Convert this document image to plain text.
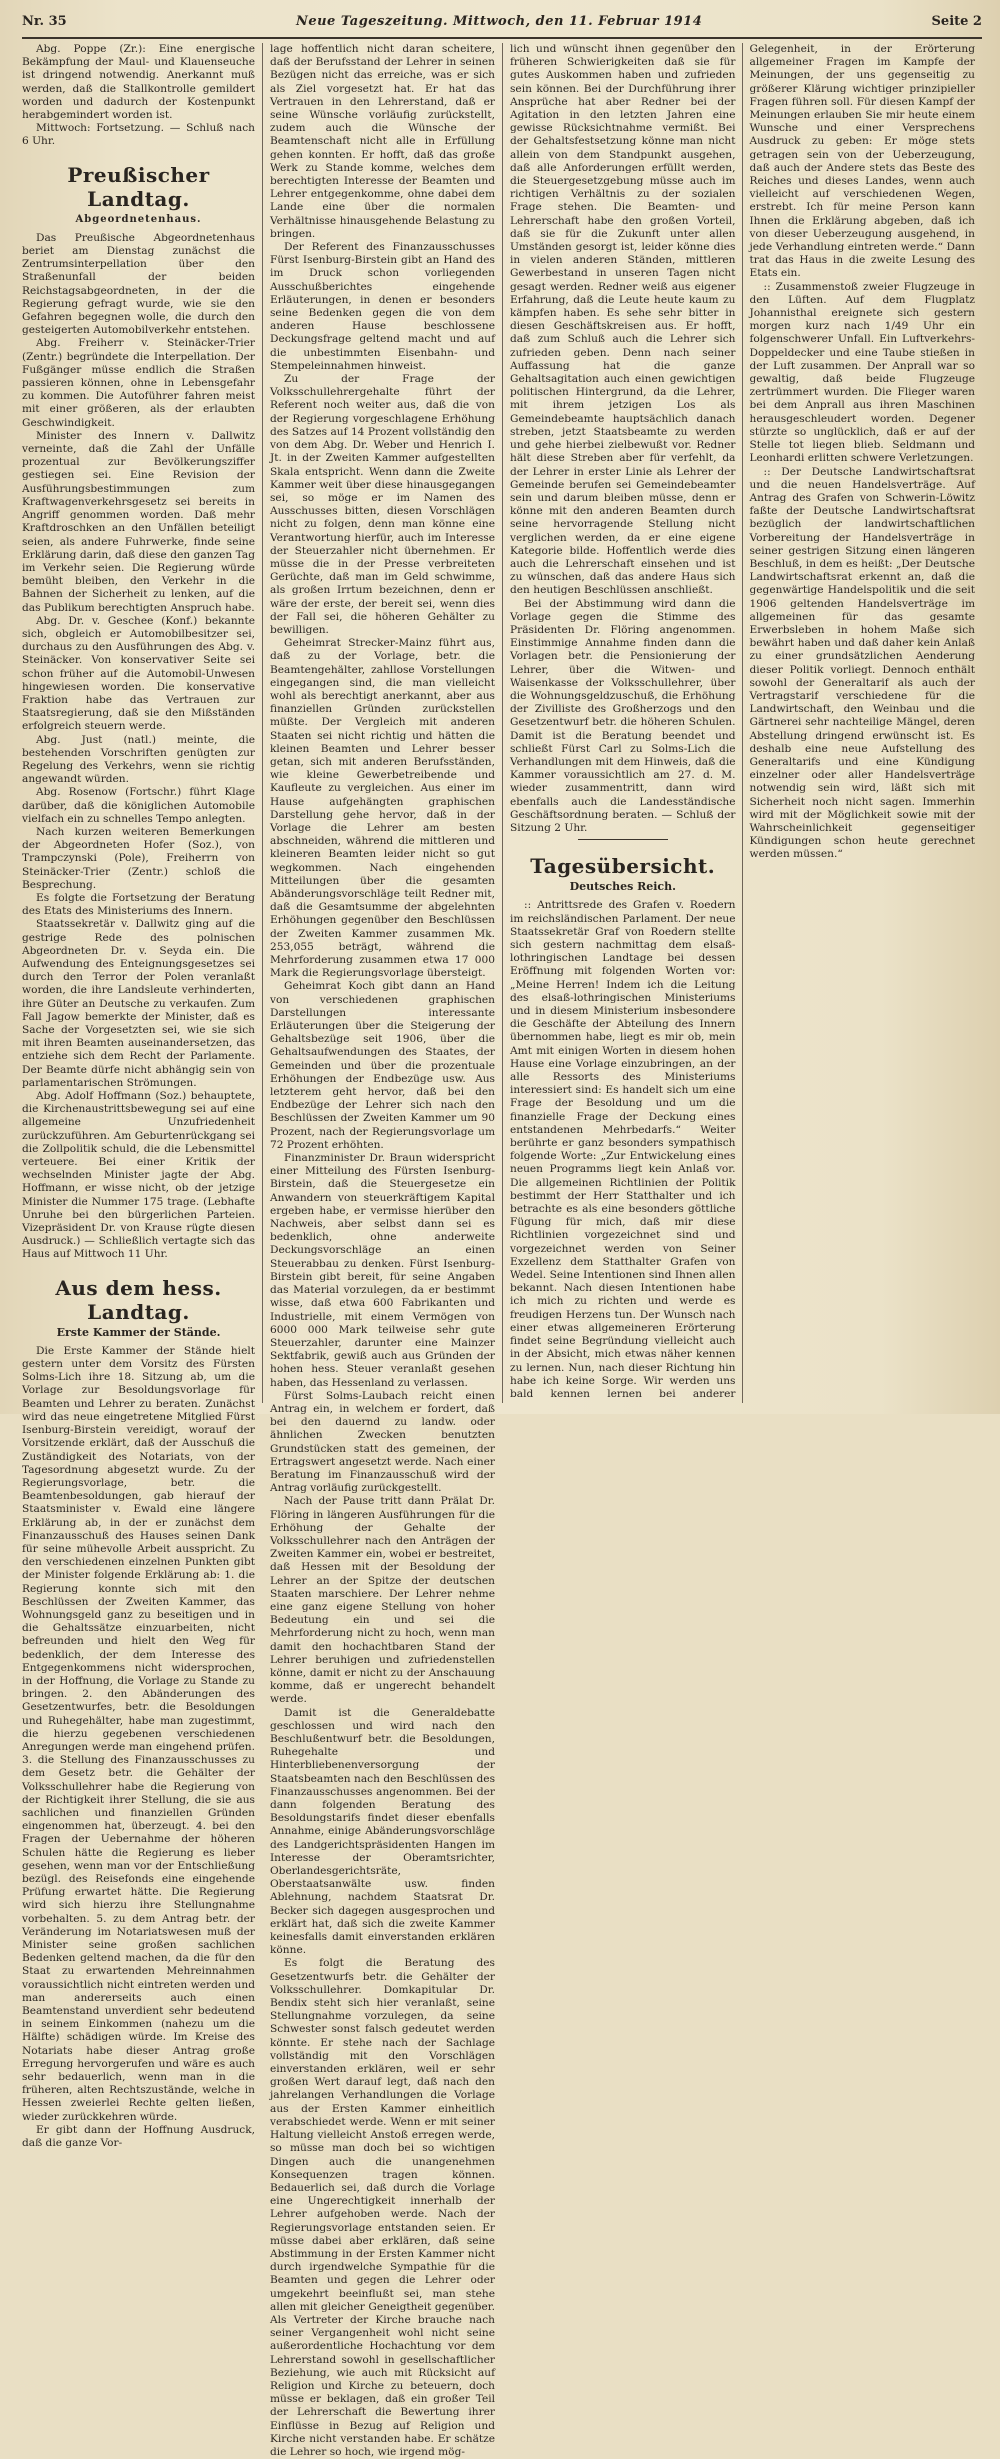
Nr. 35	Neue Tageszeitung. Mittwoch, den 11. Februar 1914	Seite 2

Abg. Poppe (Zr.): Eine energische Bekämpfung der Maul- und Klauenseuche ist dringend notwendig. Anerkannt muß werden, daß die Stallkontrolle gemildert worden und dadurch der Kostenpunkt herabgemindert worden ist.

Mittwoch: Fortsetzung. — Schluß nach 6 Uhr.

Preußischer Landtag.
Abgeordnetenhaus.

Das Preußische Abgeordnetenhaus beriet am Dienstag zunächst die Zentrumsinterpellation über den Straßenunfall der beiden Reichstagsabgeordneten, in der die Regierung gefragt wurde, wie sie den Gefahren begegnen wolle, die durch den gesteigerten Automobilverkehr entstehen.

Abg. Freiherr v. Steinäcker-Trier (Zentr.) begründete die Interpellation. Der Fußgänger müsse endlich die Straßen passieren können, ohne in Lebensgefahr zu kommen. Die Autoführer fahren meist mit einer größeren, als der erlaubten Geschwindigkeit.

Minister des Innern v. Dallwitz verneinte, daß die Zahl der Unfälle prozentual zur Bevölkerungsziffer gestiegen sei. Eine Revision der Ausführungsbestimmungen zum Kraftwagenverkehrsgesetz sei bereits in Angriff genommen worden. Daß mehr Kraftdroschken an den Unfällen beteiligt seien, als andere Fuhrwerke, finde seine Erklärung darin, daß diese den ganzen Tag im Verkehr seien. Die Regierung würde bemüht bleiben, den Verkehr in die Bahnen der Sicherheit zu lenken, auf die das Publikum berechtigten Anspruch habe.

Abg. Dr. v. Geschee (Konf.) bekannte sich, obgleich er Automobilbesitzer sei, durchaus zu den Ausführungen des Abg. v. Steinäcker. Von konservativer Seite sei schon früher auf die Automobil-Unwesen hingewiesen worden. Die konservative Fraktion habe das Vertrauen zur Staatsregierung, daß sie den Mißständen erfolgreich steuern werde.

Abg. Just (natl.) meinte, die bestehenden Vorschriften genügten zur Regelung des Verkehrs, wenn sie richtig angewandt würden.

Abg. Rosenow (Fortschr.) führt Klage darüber, daß die königlichen Automobile vielfach ein zu schnelles Tempo anlegten.

Nach kurzen weiteren Bemerkungen der Abgeordneten Hofer (Soz.), von Trampczynski (Pole), Freiherrn von Steinäcker-Trier (Zentr.) schloß die Besprechung.

Es folgte die Fortsetzung der Beratung des Etats des Ministeriums des Innern.

Staatssekretär v. Dallwitz ging auf die gestrige Rede des polnischen Abgeordneten Dr. v. Seyda ein. Die Aufwendung des Enteignungsgesetzes sei durch den Terror der Polen veranlaßt worden, die ihre Landsleute verhinderten, ihre Güter an Deutsche zu verkaufen. Zum Fall Jagow bemerkte der Minister, daß es Sache der Vorgesetzten sei, wie sie sich mit ihren Beamten auseinandersetzen, das entziehe sich dem Recht der Parlamente. Der Beamte dürfe nicht abhängig sein von parlamentarischen Strömungen.

Abg. Adolf Hoffmann (Soz.) behauptete, die Kirchenaustrittsbewegung sei auf eine allgemeine Unzufriedenheit zurückzuführen. Am Geburtenrückgang sei die Zollpolitik schuld, die die Lebensmittel verteuere. Bei einer Kritik der wechselnden Minister jagte der Abg. Hoffmann, er wisse nicht, ob der jetzige Minister die Nummer 175 trage. (Lebhafte Unruhe bei den bürgerlichen Parteien. Vizepräsident Dr. von Krause rügte diesen Ausdruck.) — Schließlich vertagte sich das Haus auf Mittwoch 11 Uhr.

Aus dem hess. Landtag.
Erste Kammer der Stände.

Die Erste Kammer der Stände hielt gestern unter dem Vorsitz des Fürsten Solms-Lich ihre 18. Sitzung ab, um die Vorlage zur Besoldungsvorlage für Beamten und Lehrer zu beraten. Zunächst wird das neue eingetretene Mitglied Fürst Isenburg-Birstein vereidigt, worauf der Vorsitzende erklärt, daß der Ausschuß die Zuständigkeit des Notariats, von der Tagesordnung abgesetzt wurde. Zu der Regierungsvorlage, betr. die Beamtenbesoldungen, gab hierauf der Staatsminister v. Ewald eine längere Erklärung ab, in der er zunächst dem Finanzausschuß des Hauses seinen Dank für seine mühevolle Arbeit ausspricht. Zu den verschiedenen einzelnen Punkten gibt der Minister folgende Erklärung ab: 1. die Regierung konnte sich mit den Beschlüssen der Zweiten Kammer, das Wohnungsgeld ganz zu beseitigen und in die Gehaltssätze einzuarbeiten, nicht befreunden und hielt den Weg für bedenklich, der dem Interesse des Entgegenkommens nicht widersprochen, in der Hoffnung, die Vorlage zu Stande zu bringen. 2. den Abänderungen des Gesetzentwurfes, betr. die Besoldungen und Ruhegehälter, habe man zugestimmt, die hierzu gegebenen verschiedenen Anregungen werde man eingehend prüfen. 3. die Stellung des Finanzausschusses zu dem Gesetz betr. die Gehälter der Volksschullehrer habe die Regierung von der Richtigkeit ihrer Stellung, die sie aus sachlichen und finanziellen Gründen eingenommen hat, überzeugt. 4. bei den Fragen der Uebernahme der höheren Schulen hätte die Regierung es lieber gesehen, wenn man vor der Entschließung bezügl. des Reisefonds eine eingehende Prüfung erwartet hätte. Die Regierung wird sich hierzu ihre Stellungnahme vorbehalten. 5. zu dem Antrag betr. der Veränderung im Notariatswesen muß der Minister seine großen sachlichen Bedenken geltend machen, da die für den Staat zu erwartenden Mehreinnahmen voraussichtlich nicht eintreten werden und man andererseits auch einen Beamtenstand unverdient sehr bedeutend in seinem Einkommen (nahezu um die Hälfte) schädigen würde. Im Kreise des Notariats habe dieser Antrag große Erregung hervorgerufen und wäre es auch sehr bedauerlich, wenn man in die früheren, alten Rechtszustände, welche in Hessen zweierlei Rechte gelten ließen, wieder zurückkehren würde.

Er gibt dann der Hoffnung Ausdruck, daß die ganze Vor-

lage hoffentlich nicht daran scheitere, daß der Berufsstand der Lehrer in seinen Bezügen nicht das erreiche, was er sich als Ziel vorgesetzt hat. Er hat das Vertrauen in den Lehrerstand, daß er seine Wünsche vorläufig zurückstellt, zudem auch die Wünsche der Beamtenschaft nicht alle in Erfüllung gehen konnten. Er hofft, daß das große Werk zu Stande komme, welches dem berechtigten Interesse der Beamten und Lehrer entgegenkomme, ohne dabei dem Lande eine über die normalen Verhältnisse hinausgehende Belastung zu bringen.

Der Referent des Finanzausschusses Fürst Isenburg-Birstein gibt an Hand des im Druck schon vorliegenden Ausschußberichtes eingehende Erläuterungen, in denen er besonders seine Bedenken gegen die von dem anderen Hause beschlossene Deckungsfrage geltend macht und auf die unbestimmten Eisenbahn- und Stempeleinnahmen hinweist.

Zu der Frage der Volksschullehrergehalte führt der Referent noch weiter aus, daß die von der Regierung vorgeschlagene Erhöhung des Satzes auf 14 Prozent vollständig den von dem Abg. Dr. Weber und Henrich I. Jt. in der Zweiten Kammer aufgestellten Skala entspricht. Wenn dann die Zweite Kammer weit über diese hinausgegangen sei, so möge er im Namen des Ausschusses bitten, diesen Vorschlägen nicht zu folgen, denn man könne eine Verantwortung hierfür, auch im Interesse der Steuerzahler nicht übernehmen. Er müsse die in der Presse verbreiteten Gerüchte, daß man im Geld schwimme, als großen Irrtum bezeichnen, denn er wäre der erste, der bereit sei, wenn dies der Fall sei, die höheren Gehälter zu bewilligen.

Geheimrat Strecker-Mainz führt aus, daß zu der Vorlage, betr. die Beamtengehälter, zahllose Vorstellungen eingegangen sind, die man vielleicht wohl als berechtigt anerkannt, aber aus finanziellen Gründen zurückstellen müßte. Der Vergleich mit anderen Staaten sei nicht richtig und hätten die kleinen Beamten und Lehrer besser getan, sich mit anderen Berufsständen, wie kleine Gewerbetreibende und Kaufleute zu vergleichen. Aus einer im Hause aufgehängten graphischen Darstellung gehe hervor, daß in der Vorlage die Lehrer am besten abschneiden, während die mittleren und kleineren Beamten leider nicht so gut wegkommen. Nach eingehenden Mitteilungen über die gesamten Abänderungsvorschläge teilt Redner mit, daß die Gesamtsumme der abgelehnten Erhöhungen gegenüber den Beschlüssen der Zweiten Kammer zusammen Mk. 253,055 beträgt, während die Mehrforderung zusammen etwa 17 000 Mark die Regierungsvorlage übersteigt.

Geheimrat Koch gibt dann an Hand von verschiedenen graphischen Darstellungen interessante Erläuterungen über die Steigerung der Gehaltsbezüge seit 1906, über die Gehaltsaufwendungen des Staates, der Gemeinden und über die prozentuale Erhöhungen der Endbezüge usw. Aus letzterem geht hervor, daß bei den Endbezüge der Lehrer sich nach den Beschlüssen der Zweiten Kammer um 90 Prozent, nach der Regierungsvorlage um 72 Prozent erhöhten.

Finanzminister Dr. Braun widerspricht einer Mitteilung des Fürsten Isenburg-Birstein, daß die Steuergesetze ein Anwandern von steuerkräftigem Kapital ergeben habe, er vermisse hierüber den Nachweis, aber selbst dann sei es bedenklich, ohne anderweite Deckungsvorschläge an einen Steuerabbau zu denken. Fürst Isenburg-Birstein gibt bereit, für seine Angaben das Material vorzulegen, da er bestimmt wisse, daß etwa 600 Fabrikanten und Industrielle, mit einem Vermögen von 6000 000 Mark teilweise sehr gute Steuerzahler, darunter eine Mainzer Sektfabrik, gewiß auch aus Gründen der hohen hess. Steuer veranlaßt gesehen haben, das Hessenland zu verlassen.

Fürst Solms-Laubach reicht einen Antrag ein, in welchem er fordert, daß bei den dauernd zu landw. oder ähnlichen Zwecken benutzten Grundstücken statt des gemeinen, der Ertragswert angesetzt werde. Nach einer Beratung im Finanzausschuß wird der Antrag vorläufig zurückgestellt.

Nach der Pause tritt dann Prälat Dr. Flöring in längeren Ausführungen für die Erhöhung der Gehalte der Volksschullehrer nach den Anträgen der Zweiten Kammer ein, wobei er bestreitet, daß Hessen mit der Besoldung der Lehrer an der Spitze der deutschen Staaten marschiere. Der Lehrer nehme eine ganz eigene Stellung von hoher Bedeutung ein und sei die Mehrforderung nicht zu hoch, wenn man damit den hochachtbaren Stand der Lehrer beruhigen und zufriedenstellen könne, damit er nicht zu der Anschauung komme, daß er ungerecht behandelt werde.

Damit ist die Generaldebatte geschlossen und wird nach den Beschlußentwurf betr. die Besoldungen, Ruhegehalte und Hinterbliebenenversorgung der Staatsbeamten nach den Beschlüssen des Finanzausschusses angenommen. Bei der dann folgenden Beratung des Besoldungstarifs findet dieser ebenfalls Annahme, einige Abänderungsvorschläge des Landgerichtspräsidenten Hangen im Interesse der Oberamtsrichter, Oberlandesgerichtsräte, Oberstaatsanwälte usw. finden Ablehnung, nachdem Staatsrat Dr. Becker sich dagegen ausgesprochen und erklärt hat, daß sich die zweite Kammer keinesfalls damit einverstanden erklären könne.

Es folgt die Beratung des Gesetzentwurfs betr. die Gehälter der Volksschullehrer. Domkapitular Dr. Bendix steht sich hier veranlaßt, seine Stellungnahme vorzulegen, da seine Schwester sonst falsch gedeutet werden könnte. Er stehe nach der Sachlage vollständig mit den Vorschlägen einverstanden erklären, weil er sehr großen Wert darauf legt, daß nach den jahrelangen Verhandlungen die Vorlage aus der Ersten Kammer einheitlich verabschiedet werde. Wenn er mit seiner Haltung vielleicht Anstoß erregen werde, so müsse man doch bei so wichtigen Dingen auch die unangenehmen Konsequenzen tragen können. Bedauerlich sei, daß durch die Vorlage eine Ungerechtigkeit innerhalb der Lehrer aufgehoben werde. Nach der Regierungsvorlage entstanden seien. Er müsse dabei aber erklären, daß seine Abstimmung in der Ersten Kammer nicht durch irgendwelche Sympathie für die Beamten und gegen die Lehrer oder umgekehrt beeinflußt sei, man stehe allen mit gleicher Geneigtheit gegenüber. Als Vertreter der Kirche brauche nach seiner Vergangenheit wohl nicht seine außerordentliche Hochachtung vor dem Lehrerstand sowohl in gesellschaftlicher Beziehung, wie auch mit Rücksicht auf Religion und Kirche zu beteuern, doch müsse er beklagen, daß ein großer Teil der Lehrerschaft die Bewertung ihrer Einflüsse in Bezug auf Religion und Kirche nicht verstanden habe. Er schätze die Lehrer so hoch, wie irgend mög-

lich und wünscht ihnen gegenüber den früheren Schwierigkeiten daß sie für gutes Auskommen haben und zufrieden sein können. Bei der Durchführung ihrer Ansprüche hat aber Redner bei der Agitation in den letzten Jahren eine gewisse Rücksichtnahme vermißt. Bei der Gehaltsfestsetzung könne man nicht allein von dem Standpunkt ausgehen, daß alle Anforderungen erfüllt werden, die Steuergesetzgebung müsse auch im richtigen Verhältnis zu der sozialen Frage stehen. Die Beamten- und Lehrerschaft habe den großen Vorteil, daß sie für die Zukunft unter allen Umständen gesorgt ist, leider könne dies in vielen anderen Ständen, mittleren Gewerbestand in unseren Tagen nicht gesagt werden. Redner weiß aus eigener Erfahrung, daß die Leute heute kaum zu kämpfen haben. Es sehe sehr bitter in diesen Geschäftskreisen aus. Er hofft, daß zum Schluß auch die Lehrer sich zufrieden geben. Denn nach seiner Auffassung hat die ganze Gehaltsagitation auch einen gewichtigen politischen Hintergrund, da die Lehrer, mit ihrem jetzigen Los als Gemeindebeamte hauptsächlich danach streben, jetzt Staatsbeamte zu werden und gehe hierbei zielbewußt vor. Redner hält diese Streben aber für verfehlt, da der Lehrer in erster Linie als Lehrer der Gemeinde berufen sei Gemeindebeamter sein und darum bleiben müsse, denn er könne mit den anderen Beamten durch seine hervorragende Stellung nicht verglichen werden, da er eine eigene Kategorie bilde. Hoffentlich werde dies auch die Lehrerschaft einsehen und ist zu wünschen, daß das andere Haus sich den heutigen Beschlüssen anschließt.

Bei der Abstimmung wird dann die Vorlage gegen die Stimme des Präsidenten Dr. Flöring angenommen. Einstimmige Annahme finden dann die Vorlagen betr. die Pensionierung der Lehrer, über die Witwen- und Waisenkasse der Volksschullehrer, über die Wohnungsgeldzuschuß, die Erhöhung der Zivilliste des Großherzogs und den Gesetzentwurf betr. die höheren Schulen. Damit ist die Beratung beendet und schließt Fürst Carl zu Solms-Lich die Verhandlungen mit dem Hinweis, daß die Kammer voraussichtlich am 27. d. M. wieder zusammentritt, dann wird ebenfalls auch die Landesständische Geschäftsordnung beraten. — Schluß der Sitzung 2 Uhr.

Tagesübersicht.
Deutsches Reich.

:: Antrittsrede des Grafen v. Roedern im reichsländischen Parlament. Der neue Staatssekretär Graf von Roedern stellte sich gestern nachmittag dem elsaß-lothringischen Landtage bei dessen Eröffnung mit folgenden Worten vor: „Meine Herren! Indem ich die Leitung des elsaß-lothringischen Ministeriums und in diesem Ministerium insbesondere die Geschäfte der Abteilung des Innern übernommen habe, liegt es mir ob, mein Amt mit einigen Worten in diesem hohen Hause eine Vorlage einzubringen, an der alle Ressorts des Ministeriums interessiert sind: Es handelt sich um eine Frage der Besoldung und um die finanzielle Frage der Deckung eines entstandenen Mehrbedarfs.“ Weiter berührte er ganz besonders sympathisch folgende Worte: „Zur Entwickelung eines neuen Programms liegt kein Anlaß vor. Die allgemeinen Richtlinien der Politik bestimmt der Herr Statthalter und ich betrachte es als eine besonders göttliche Fügung für mich, daß mir diese Richtlinien vorgezeichnet sind und vorgezeichnet werden von Seiner Exzellenz dem Statthalter Grafen von Wedel. Seine Intentionen sind Ihnen allen bekannt. Nach diesen Intentionen habe ich mich zu richten und werde es freudigen Herzens tun. Der Wunsch nach einer etwas allgemeineren Erörterung findet seine Begründung vielleicht auch in der Absicht, mich etwas näher kennen zu lernen. Nun, nach dieser Richtung hin habe ich keine Sorge. Wir werden uns bald kennen lernen bei anderer Gelegenheit, in der Erörterung allgemeiner Fragen im Kampfe der Meinungen, der uns gegenseitig zu größerer Klärung wichtiger prinzipieller Fragen führen soll. Für diesen Kampf der Meinungen erlauben Sie mir heute einem Wunsche und einer Versprechens Ausdruck zu geben: Er möge stets getragen sein von der Ueberzeugung, daß auch der Andere stets das Beste des Reiches und dieses Landes, wenn auch vielleicht auf verschiedenen Wegen, erstrebt. Ich für meine Person kann Ihnen die Erklärung abgeben, daß ich von dieser Ueberzeugung ausgehend, in jede Verhandlung eintreten werde.“ Dann trat das Haus in die zweite Lesung des Etats ein.

:: Zusammenstoß zweier Flugzeuge in den Lüften. Auf dem Flugplatz Johannisthal ereignete sich gestern morgen kurz nach 1/49 Uhr ein folgenschwerer Unfall. Ein Luftverkehrs-Doppeldecker und eine Taube stießen in der Luft zusammen. Der Anprall war so gewaltig, daß beide Flugzeuge zertrümmert wurden. Die Flieger waren bei dem Anprall aus ihren Maschinen herausgeschleudert worden. Degener stürzte so unglücklich, daß er auf der Stelle tot liegen blieb. Seldmann und Leonhardi erlitten schwere Verletzungen.

:: Der Deutsche Landwirtschaftsrat und die neuen Handelsverträge. Auf Antrag des Grafen von Schwerin-Löwitz faßte der Deutsche Landwirtschaftsrat bezüglich der landwirtschaftlichen Vorbereitung der Handelsverträge in seiner gestrigen Sitzung einen längeren Beschluß, in dem es heißt: „Der Deutsche Landwirtschaftsrat erkennt an, daß die gegenwärtige Handelspolitik und die seit 1906 geltenden Handelsverträge im allgemeinen für das gesamte Erwerbsleben in hohem Maße sich bewährt haben und daß daher kein Anlaß zu einer grundsätzlichen Aenderung dieser Politik vorliegt. Dennoch enthält sowohl der Generaltarif als auch der Vertragstarif verschiedene für die Landwirtschaft, den Weinbau und die Gärtnerei sehr nachteilige Mängel, deren Abstellung dringend erwünscht ist. Es deshalb eine neue Aufstellung des Generaltarifs und eine Kündigung einzelner oder aller Handelsverträge notwendig sein wird, läßt sich mit Sicherheit noch nicht sagen. Immerhin wird mit der Möglichkeit sowie mit der Wahrscheinlichkeit gegenseitiger Kündigungen schon heute gerechnet werden müssen.“
